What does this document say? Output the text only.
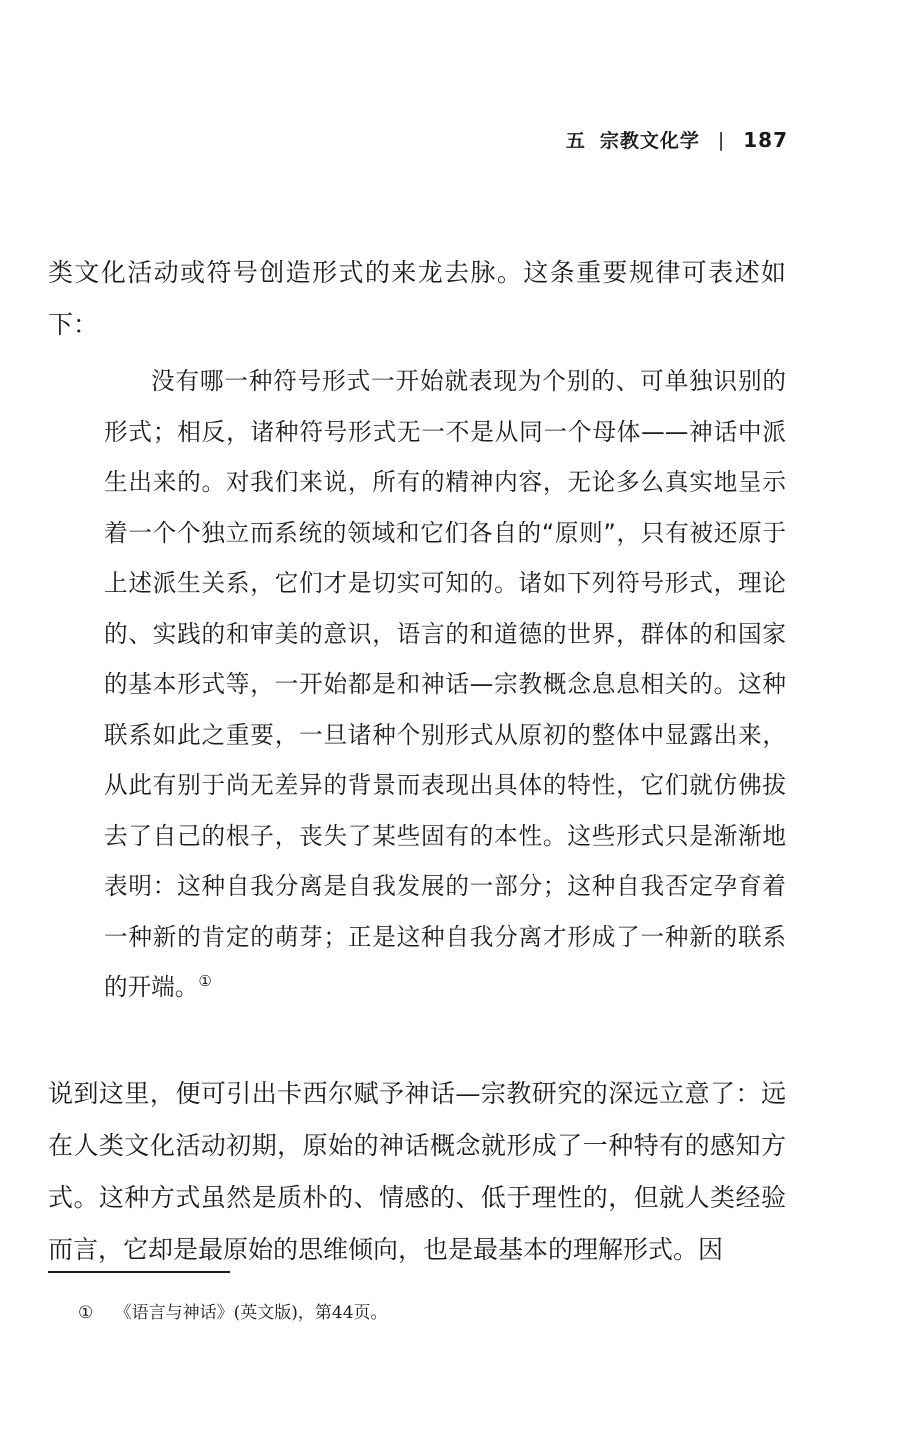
五 宗教文化学 | 187

类文化活动或符号创造形式的来龙去脉。这条重要规律可表述如下：

没有哪一种符号形式一开始就表现为个别的、可单独识别的形式；相反，诸种符号形式无一不是从同一个母体——神话中派生出来的。对我们来说，所有的精神内容，无论多么真实地呈示着一个个独立而系统的领域和它们各自的“原则”，只有被还原于上述派生关系，它们才是切实可知的。诸如下列符号形式，理论的、实践的和审美的意识，语言的和道德的世界，群体的和国家的基本形式等，一开始都是和神话—宗教概念息息相关的。这种联系如此之重要，一旦诸种个别形式从原初的整体中显露出来，从此有别于尚无差异的背景而表现出具体的特性，它们就仿佛拔去了自己的根子，丧失了某些固有的本性。这些形式只是渐渐地表明：这种自我分离是自我发展的一部分；这种自我否定孕育着一种新的肯定的萌芽；正是这种自我分离才形成了一种新的联系的开端。①

说到这里，便可引出卡西尔赋予神话—宗教研究的深远立意了：远在人类文化活动初期，原始的神话概念就形成了一种特有的感知方式。这种方式虽然是质朴的、情感的、低于理性的，但就人类经验而言，它却是最原始的思维倾向，也是最基本的理解形式。因

① 《语言与神话》(英文版)，第44页。
